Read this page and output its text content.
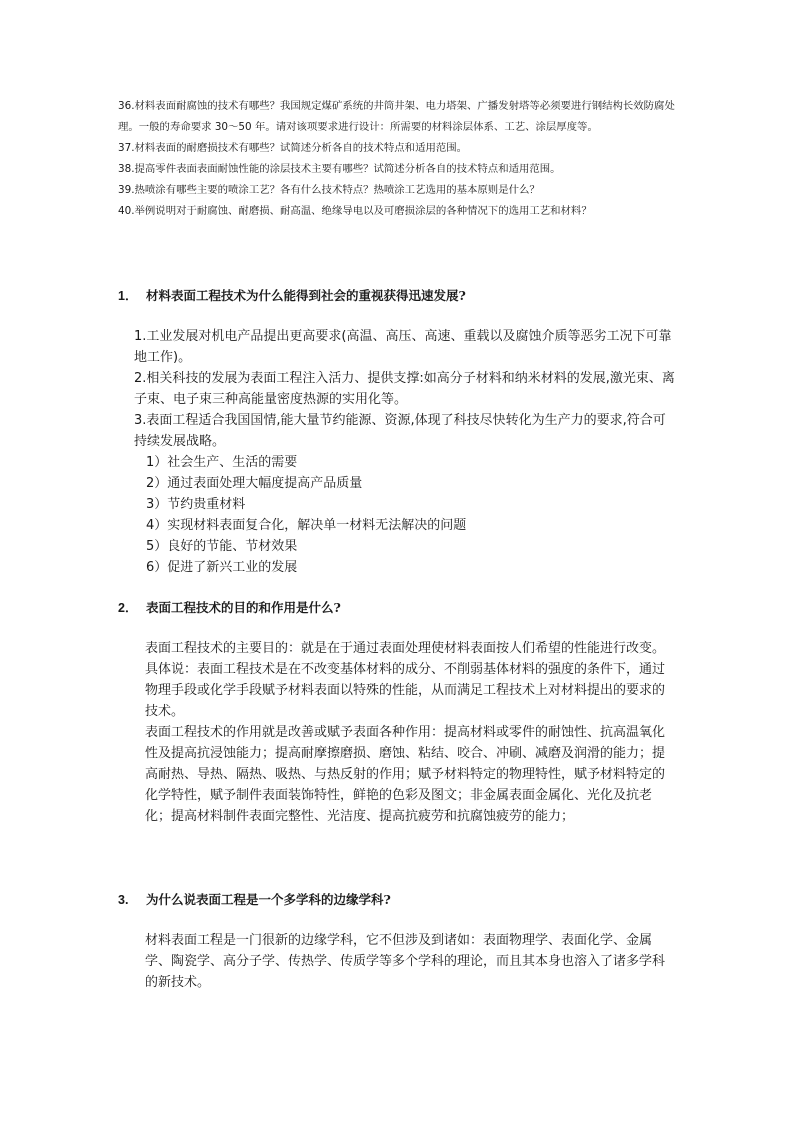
36.材料表面耐腐蚀的技术有哪些？我国规定煤矿系统的井筒井架、电力塔架、广播发射塔等必须要进行钢结构长效防腐处理。一般的寿命要求 30～50 年。请对该项要求进行设计：所需要的材料涂层体系、工艺、涂层厚度等。

37.材料表面的耐磨损技术有哪些？试简述分析各自的技术特点和适用范围。

38.提高零件表面表面耐蚀性能的涂层技术主要有哪些？试简述分析各自的技术特点和适用范围。

39.热喷涂有哪些主要的喷涂工艺？各有什么技术特点？热喷涂工艺选用的基本原则是什么？

40.举例说明对于耐腐蚀、耐磨损、耐高温、绝缘导电以及可磨损涂层的各种情况下的选用工艺和材料？

1． 材料表面工程技术为什么能得到社会的重视获得迅速发展?

1.工业发展对机电产品提出更高要求(高温、高压、高速、重载以及腐蚀介质等恶劣工况下可靠地工作)。

2.相关科技的发展为表面工程注入活力、提供支撑:如高分子材料和纳米材料的发展,激光束、离子束、电子束三种高能量密度热源的实用化等。

3.表面工程适合我国国情,能大量节约能源、资源,体现了科技尽快转化为生产力的要求,符合可持续发展战略。

1）社会生产、生活的需要

2）通过表面处理大幅度提高产品质量

3）节约贵重材料

4）实现材料表面复合化，解决单一材料无法解决的问题

5）良好的节能、节材效果

6）促进了新兴工业的发展

2． 表面工程技术的目的和作用是什么?

表面工程技术的主要目的：就是在于通过表面处理使材料表面按人们希望的性能进行改变。

具体说：表面工程技术是在不改变基体材料的成分、不削弱基体材料的强度的条件下，通过物理手段或化学手段赋予材料表面以特殊的性能，从而满足工程技术上对材料提出的要求的技术。

表面工程技术的作用就是改善或赋予表面各种作用：提高材料或零件的耐蚀性、抗高温氧化性及提高抗浸蚀能力；提高耐摩擦磨损、磨蚀、粘结、咬合、冲刷、减磨及润滑的能力；提高耐热、导热、隔热、吸热、与热反射的作用；赋予材料特定的物理特性，赋予材料特定的化学特性，赋予制件表面装饰特性，鲜艳的色彩及图文；非金属表面金属化、光化及抗老化；提高材料制件表面完整性、光洁度、提高抗疲劳和抗腐蚀疲劳的能力；

3. 为什么说表面工程是一个多学科的边缘学科?

材料表面工程是一门很新的边缘学科，它不但涉及到诸如：表面物理学、表面化学、金属学、陶瓷学、高分子学、传热学、传质学等多个学科的理论，而且其本身也溶入了诸多学科的新技术。
